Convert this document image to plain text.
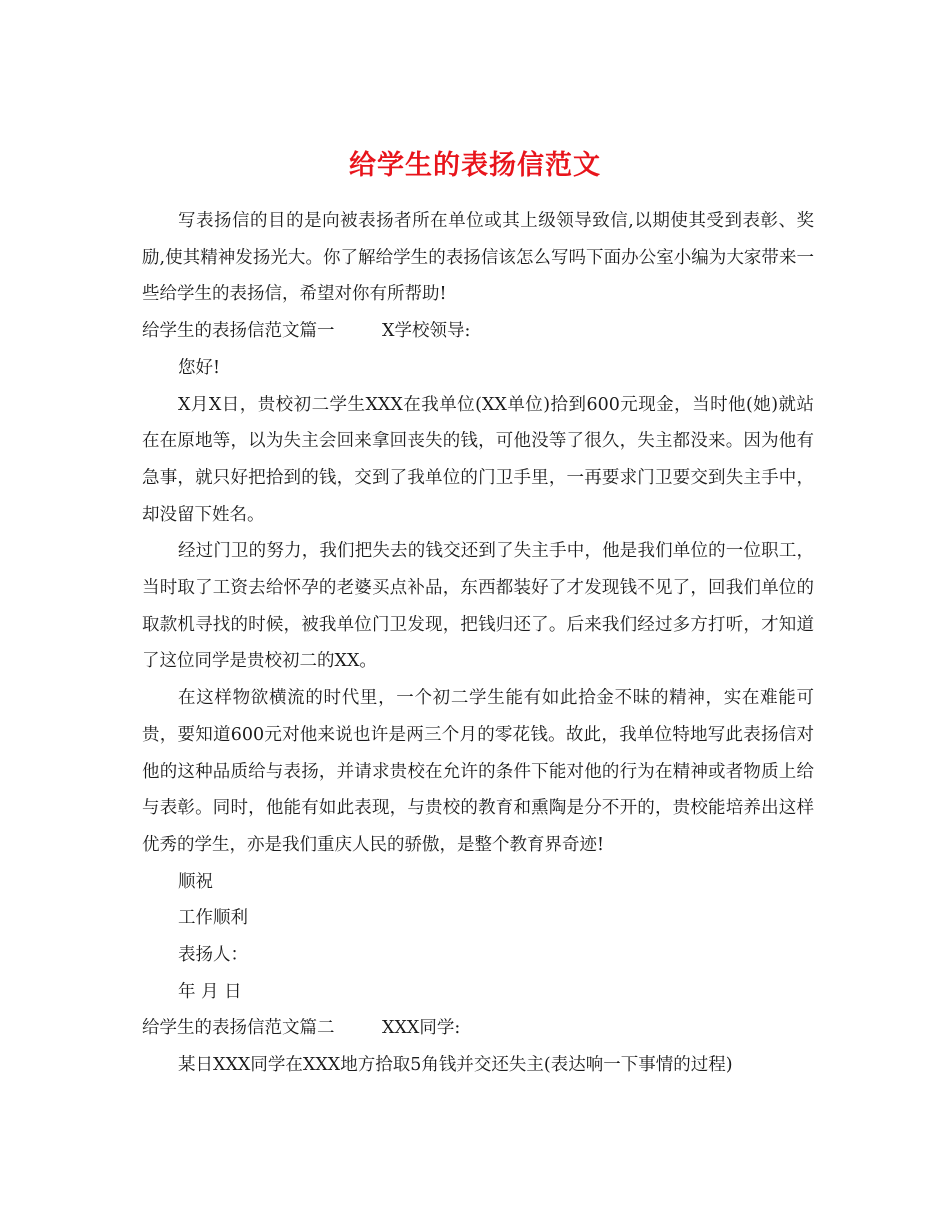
给学生的表扬信范文

写表扬信的目的是向被表扬者所在单位或其上级领导致信,以期使其受到表彰、奖励,使其精神发扬光大。你了解给学生的表扬信该怎么写吗下面办公室小编为大家带来一些给学生的表扬信，希望对你有所帮助!

给学生的表扬信范文篇一	X学校领导:

您好!

X月X日，贵校初二学生XXX在我单位(XX单位)拾到600元现金，当时他(她)就站在在原地等，以为失主会回来拿回丧失的钱，可他没等了很久，失主都没来。因为他有急事，就只好把拾到的钱，交到了我单位的门卫手里，一再要求门卫要交到失主手中，却没留下姓名。

经过门卫的努力，我们把失去的钱交还到了失主手中，他是我们单位的一位职工，当时取了工资去给怀孕的老婆买点补品，东西都装好了才发现钱不见了，回我们单位的取款机寻找的时候，被我单位门卫发现，把钱归还了。后来我们经过多方打听，才知道了这位同学是贵校初二的XX。

在这样物欲横流的时代里，一个初二学生能有如此拾金不昧的精神，实在难能可贵，要知道600元对他来说也许是两三个月的零花钱。故此，我单位特地写此表扬信对他的这种品质给与表扬，并请求贵校在允许的条件下能对他的行为在精神或者物质上给与表彰。同时，他能有如此表现，与贵校的教育和熏陶是分不开的，贵校能培养出这样优秀的学生，亦是我们重庆人民的骄傲，是整个教育界奇迹!

顺祝

工作顺利

表扬人：

年 月 日

给学生的表扬信范文篇二	XXX同学:

某日XXX同学在XXX地方拾取5角钱并交还失主(表达响一下事情的过程)
